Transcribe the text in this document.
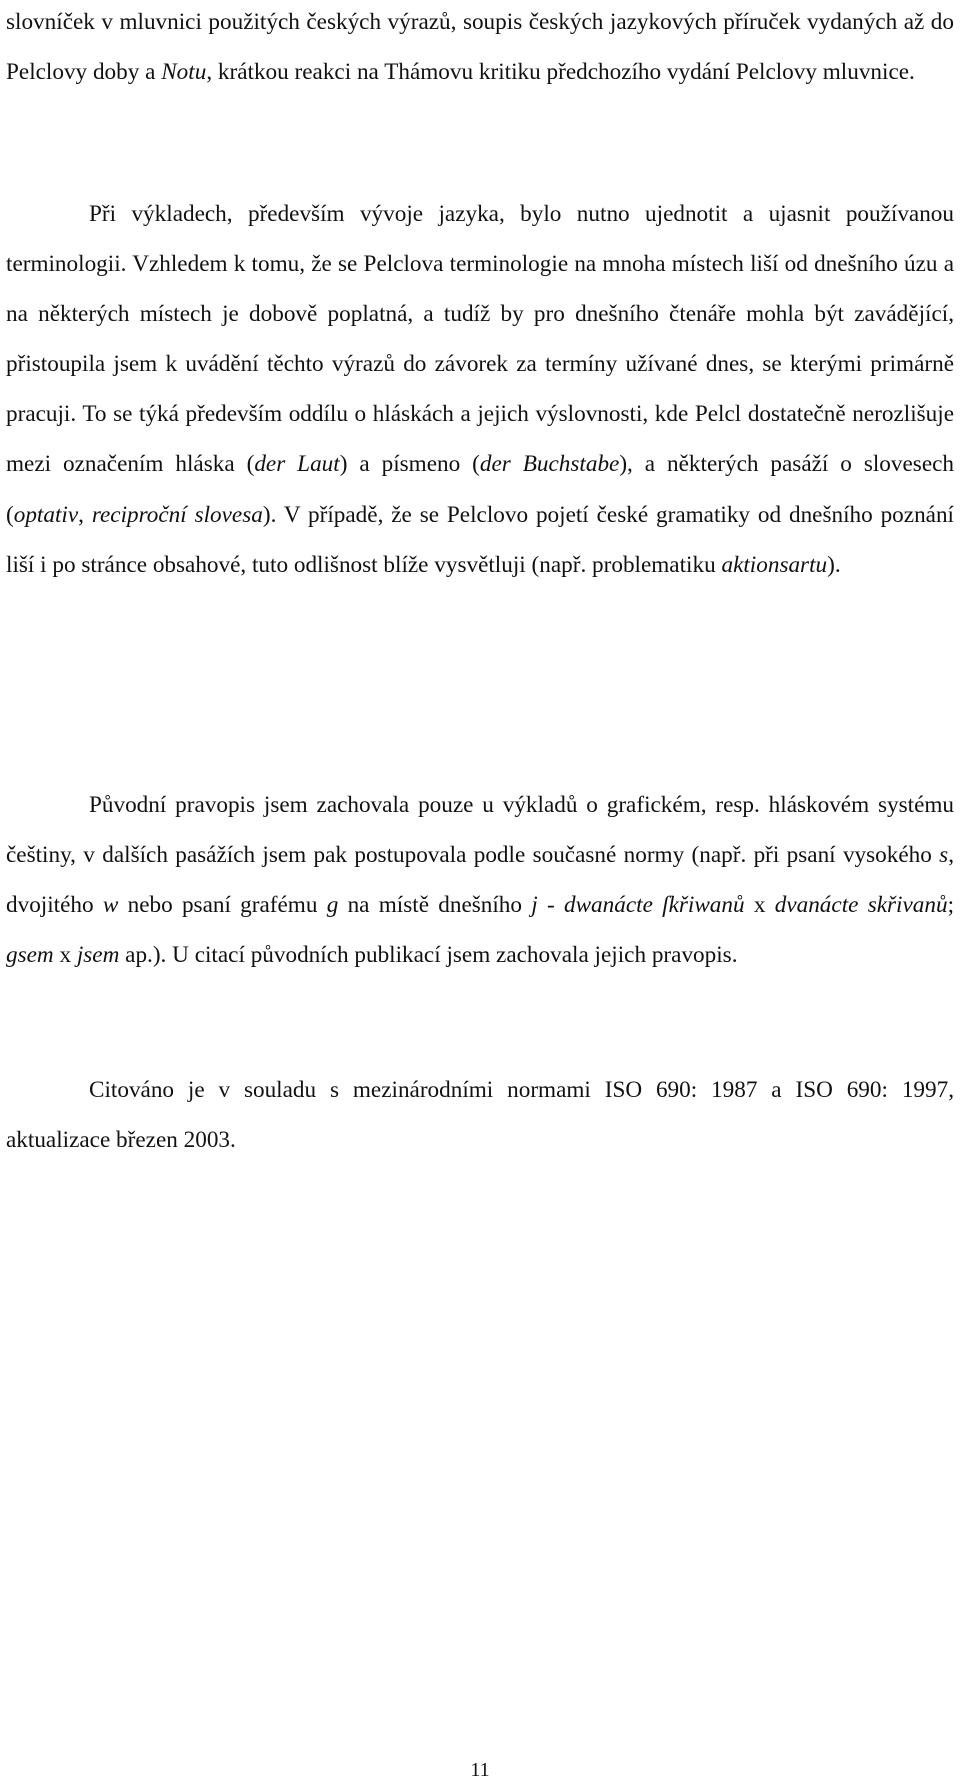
slovníček v mluvnici použitých českých výrazů, soupis českých jazykových příruček vydaných až do Pelclovy doby a Notu, krátkou reakci na Thámovu kritiku předchozího vydání Pelclovy mluvnice.

Při výkladech, především vývoje jazyka, bylo nutno ujednotit a ujasnit používanou terminologii. Vzhledem k tomu, že se Pelclova terminologie na mnoha místech liší od dnešního úzu a na některých místech je dobově poplatná, a tudíž by pro dnešního čtenáře mohla být zavádějící, přistoupila jsem k uvádění těchto výrazů do závorek za termíny užívané dnes, se kterými primárně pracuji. To se týká především oddílu o hláskách a jejich výslovnosti, kde Pelcl dostatečně nerozlišuje mezi označením hláska (der Laut) a písmeno (der Buchstabe), a některých pasáží o slovesech (optativ, reciproční slovesa). V případě, že se Pelclovo pojetí české gramatiky od dnešního poznání liší i po stránce obsahové, tuto odlišnost blíže vysvětluji (např. problematiku aktionsartu).

Původní pravopis jsem zachovala pouze u výkladů o grafickém, resp. hláskovém systému češtiny, v dalších pasážích jsem pak postupovala podle současné normy (např. při psaní vysokého s, dvojitého w nebo psaní grafému g na místě dnešního j - dwanácte ſkřiwanů x dvanácte skřivanů; gsem x jsem ap.). U citací původních publikací jsem zachovala jejich pravopis.

Citováno je v souladu s mezinárodními normami ISO 690: 1987 a ISO 690: 1997, aktualizace březen 2003.

11
